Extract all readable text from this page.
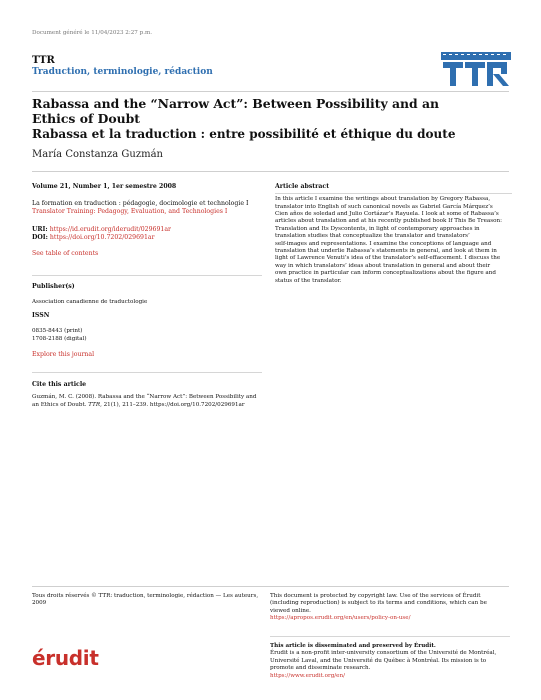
Document généré le 11/04/2023 2:27 p.m.
TTR
Traduction, terminologie, rédaction
Rabassa and the “Narrow Act”: Between Possibility and an
Ethics of Doubt
Rabassa et la traduction : entre possibilité et éthique du doute
María Constanza Guzmán
Volume 21, Number 1, 1er semestre 2008
La formation en traduction : pédagogie, docimologie et technologie I
Translator Training: Pedagogy, Evaluation, and Technologies I
URI: https://id.erudit.org/iderudit/029691ar
DOI: https://doi.org/10.7202/029691ar
See table of contents
Publisher(s)
Association canadienne de traductologie
ISSN
0835-8443 (print)
1708-2188 (digital)
Explore this journal
Cite this article
Guzmán, M. C. (2008). Rabassa and the “Narrow Act”: Between Possibility and
an Ethics of Doubt. TTR, 21(1), 211–239. https://doi.org/10.7202/029691ar
Article abstract
In this article I examine the writings about translation by Gregory Rabassa,
translator into English of such canonical novels as Gabriel García Márquez’s
Cien años de soledad and Julio Cortázar’s Rayuela. I look at some of Rabassa’s
articles about translation and at his recently published book If This Be Treason:
Translation and Its Dyscontents, in light of contemporary approaches in
translation studies that conceptualize the translator and translators’
self-images and representations. I examine the conceptions of language and
translation that underlie Rabassa’s statements in general, and look at them in
light of Lawrence Venuti’s idea of the translator’s self-effacement. I discuss the
way in which translators’ ideas about translation in general and about their
own practice in particular can inform conceptualizations about the figure and
status of the translator.
Tous droits réservés © TTR: traduction, terminologie, rédaction — Les auteurs,
2009
This document is protected by copyright law. Use of the services of Érudit
(including reproduction) is subject to its terms and conditions, which can be
viewed online.
https://apropos.erudit.org/en/users/policy-on-use/
érudit	This article is disseminated and preserved by Érudit.
Érudit is a non-profit inter-university consortium of the Université de Montréal,
Université Laval, and the Université du Québec à Montréal. Its mission is to
promote and disseminate research.
https://www.erudit.org/en/
